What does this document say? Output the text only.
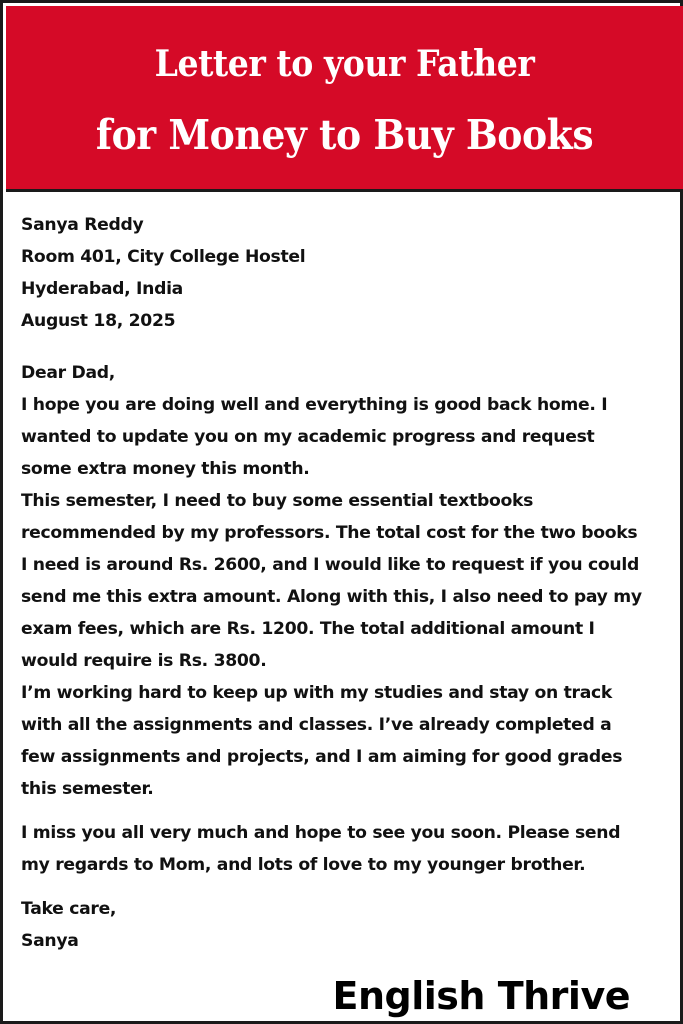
Letter to your Father
for Money to Buy Books
Sanya Reddy
Room 401, City College Hostel
Hyderabad, India
August 18, 2025
Dear Dad,
I hope you are doing well and everything is good back home. I
wanted to update you on my academic progress and request
some extra money this month.
This semester, I need to buy some essential textbooks
recommended by my professors. The total cost for the two books
I need is around Rs. 2600, and I would like to request if you could
send me this extra amount. Along with this, I also need to pay my
exam fees, which are Rs. 1200. The total additional amount I
would require is Rs. 3800.
I’m working hard to keep up with my studies and stay on track
with all the assignments and classes. I’ve already completed a
few assignments and projects, and I am aiming for good grades
this semester.
I miss you all very much and hope to see you soon. Please send
my regards to Mom, and lots of love to my younger brother.
Take care,
Sanya
English Thrive
